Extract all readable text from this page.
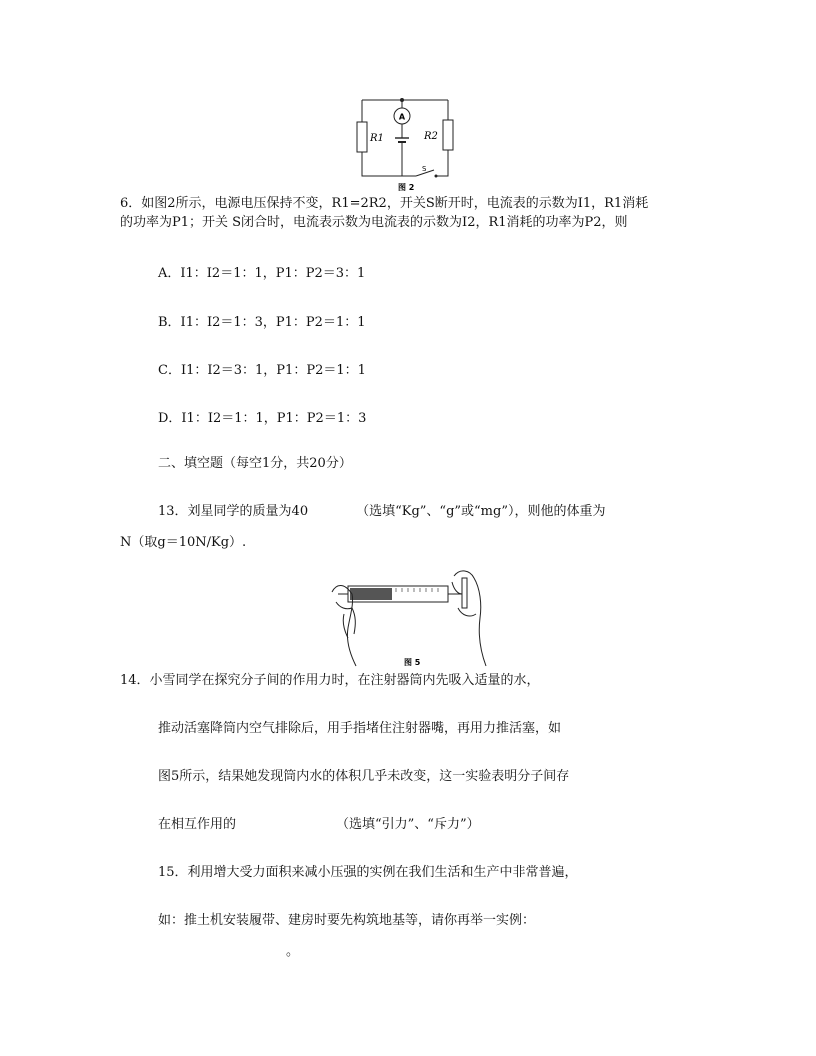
A
R1	R2
S
图 2
6．如图2所示，电源电压保持不变，R1=2R2，开关S断开时，电流表的示数为Ⅰ1，R1消耗
的功率为P1；开关 S闭合时，电流表示数为电流表的示数为Ⅰ2，R1消耗的功率为P2，则
A．Ⅰ1：Ⅰ2＝1：1，P1：P2＝3：1
B．Ⅰ1：Ⅰ2＝1：3，P1：P2＝1：1
C．Ⅰ1：Ⅰ2＝3：1，P1：P2＝1：1
D．Ⅰ1：Ⅰ2＝1：1，P1：P2＝1：3
二、填空题（每空1分，共20分）
13．刘星同学的质量为40	（选填“Kg”、“g”或“mg”），则他的体重为
N（取g＝10N/Kg）.
图 5
14．小雪同学在探究分子间的作用力时，在注射器筒内先吸入适量的水，
推动活塞降筒内空气排除后，用手指堵住注射器嘴，再用力推活塞，如
图5所示，结果她发现筒内水的体积几乎未改变，这一实验表明分子间存
在相互作用的	（选填“引力”、“斥力”）
15．利用增大受力面积来减小压强的实例在我们生活和生产中非常普遍，
如：推土机安装履带、建房时要先构筑地基等，请你再举一实例：
。
